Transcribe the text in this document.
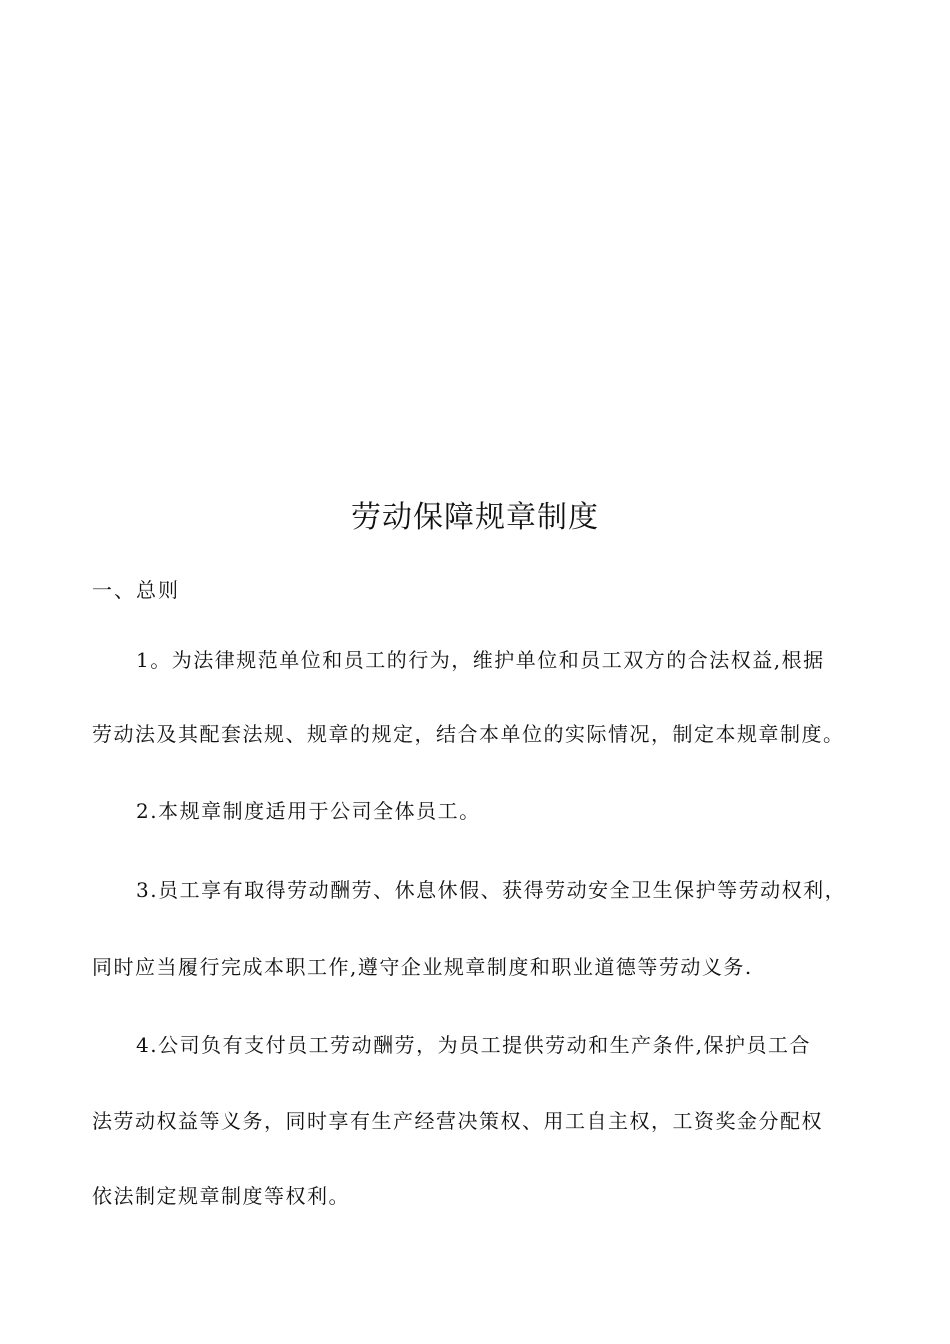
劳动保障规章制度
一、总则
1。为法律规范单位和员工的行为，维护单位和员工双方的合法权益,根据
劳动法及其配套法规、规章的规定，结合本单位的实际情况，制定本规章制度。
2.本规章制度适用于公司全体员工。
3.员工享有取得劳动酬劳、休息休假、获得劳动安全卫生保护等劳动权利，
同时应当履行完成本职工作,遵守企业规章制度和职业道德等劳动义务.
4.公司负有支付员工劳动酬劳，为员工提供劳动和生产条件,保护员工合
法劳动权益等义务，同时享有生产经营决策权、用工自主权，工资奖金分配权
依法制定规章制度等权利。
